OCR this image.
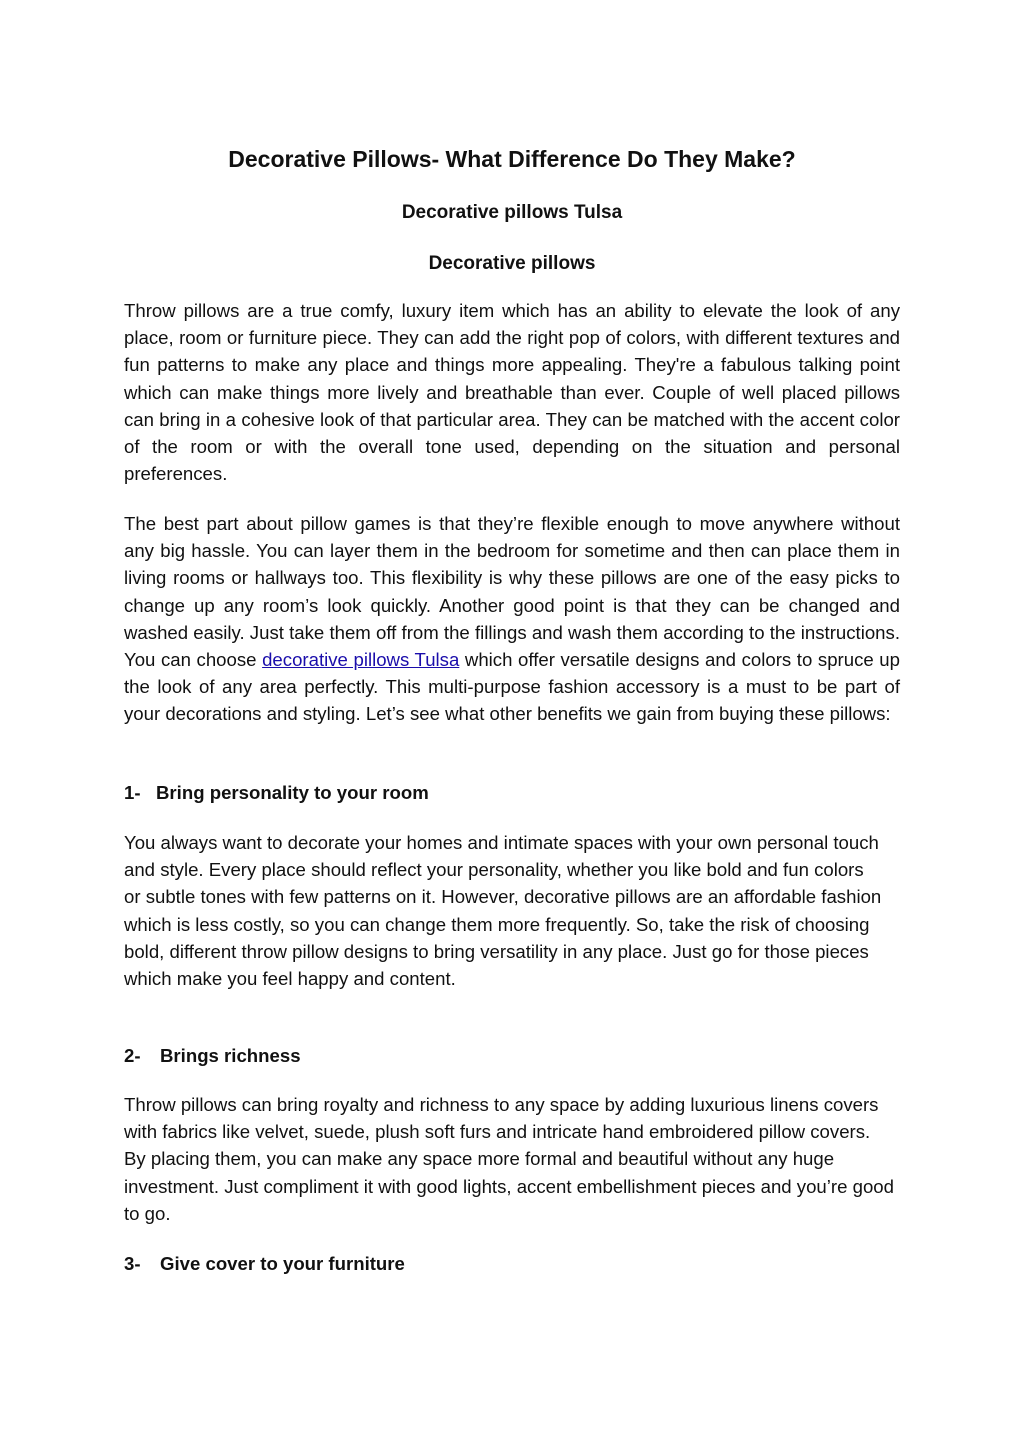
Decorative Pillows- What Difference Do They Make?
Decorative pillows Tulsa
Decorative pillows

Throw pillows are a true comfy, luxury item which has an ability to elevate the look of any place, room or furniture piece. They can add the right pop of colors, with different textures and fun patterns to make any place and things more appealing. They're a fabulous talking point which can make things more lively and breathable than ever. Couple of well placed pillows can bring in a cohesive look of that particular area. They can be matched with the accent color of the room or with the overall tone used, depending on the situation and personal preferences.

The best part about pillow games is that they’re flexible enough to move anywhere without any big hassle. You can layer them in the bedroom for sometime and then can place them in living rooms or hallways too. This flexibility is why these pillows are one of the easy picks to change up any room’s look quickly. Another good point is that they can be changed and washed easily. Just take them off from the fillings and wash them according to the instructions. You can choose decorative pillows Tulsa which offer versatile designs and colors to spruce up the look of any area perfectly. This multi-purpose fashion accessory is a must to be part of your decorations and styling. Let’s see what other benefits we gain from buying these pillows:

1- Bring personality to your room

You always want to decorate your homes and intimate spaces with your own personal touch and style. Every place should reflect your personality, whether you like bold and fun colors or subtle tones with few patterns on it. However, decorative pillows are an affordable fashion which is less costly, so you can change them more frequently. So, take the risk of choosing bold, different throw pillow designs to bring versatility in any place. Just go for those pieces which make you feel happy and content.

2- Brings richness

Throw pillows can bring royalty and richness to any space by adding luxurious linens covers with fabrics like velvet, suede, plush soft furs and intricate hand embroidered pillow covers. By placing them, you can make any space more formal and beautiful without any huge investment. Just compliment it with good lights, accent embellishment pieces and you’re good to go.

3- Give cover to your furniture
